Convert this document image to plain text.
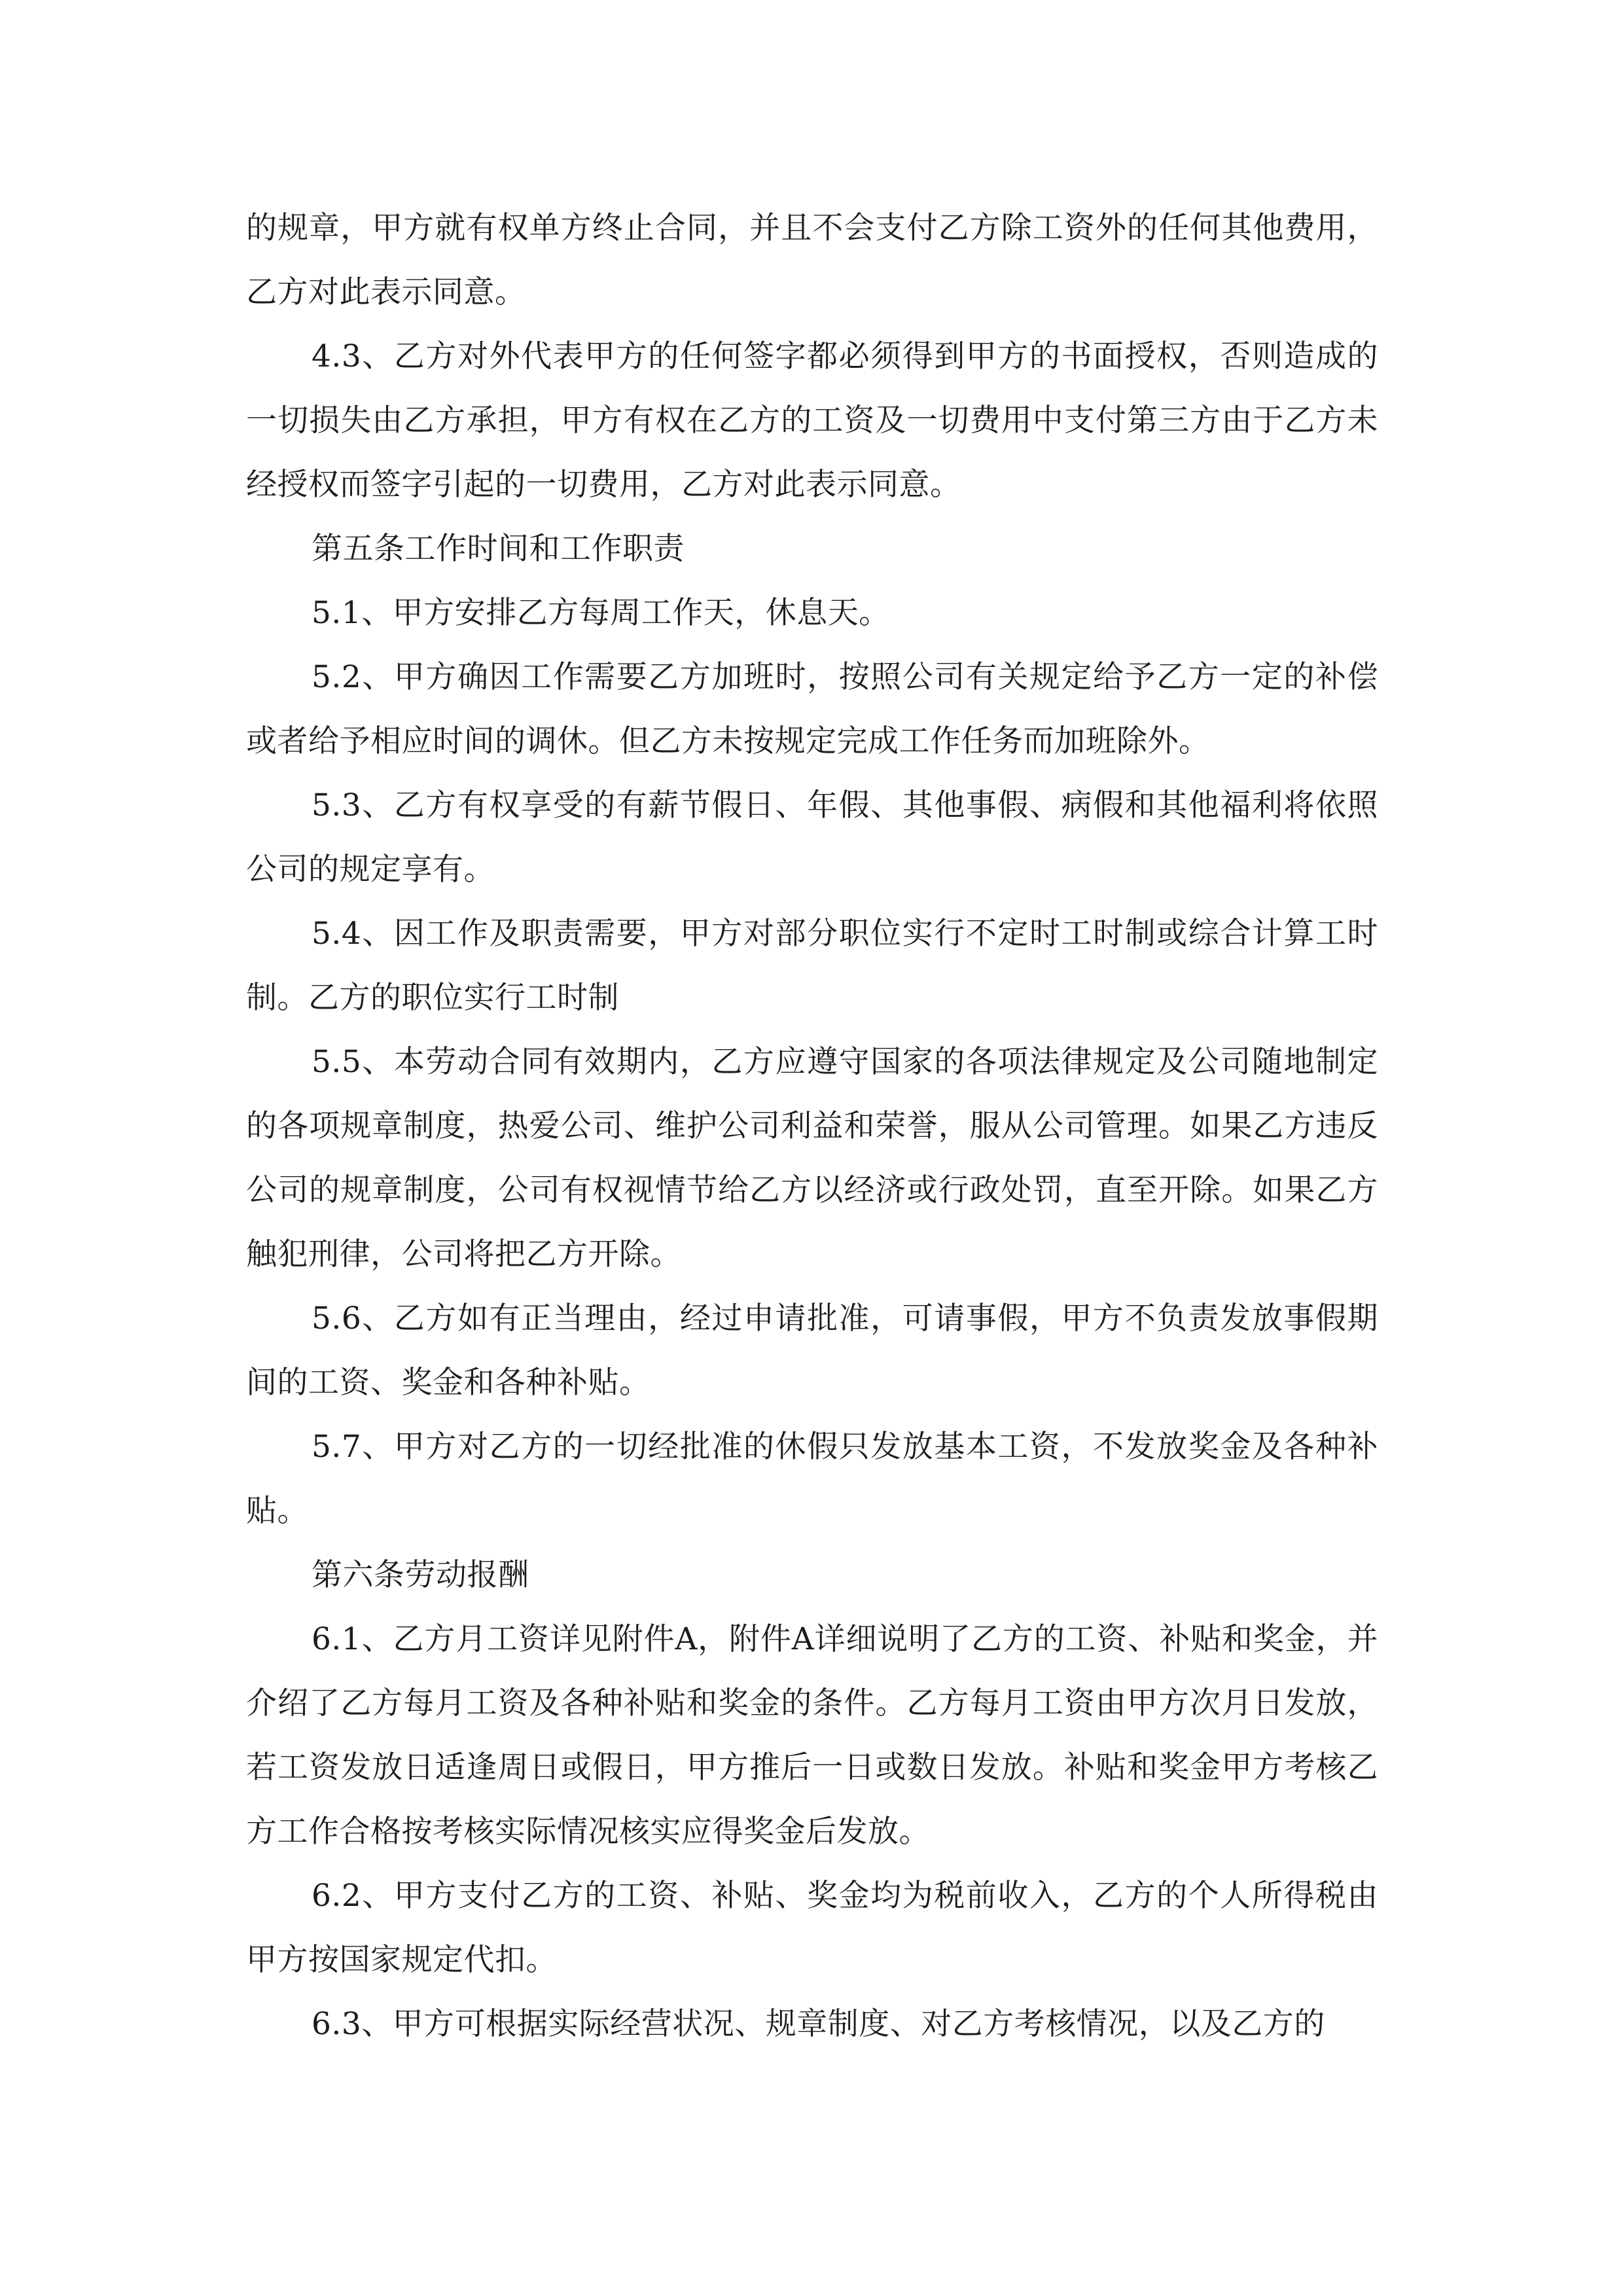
的规章，甲方就有权单方终止合同，并且不会支付乙方除工资外的任何其他费用，乙方对此表示同意。

4.3、乙方对外代表甲方的任何签字都必须得到甲方的书面授权，否则造成的一切损失由乙方承担，甲方有权在乙方的工资及一切费用中支付第三方由于乙方未经授权而签字引起的一切费用，乙方对此表示同意。

第五条工作时间和工作职责

5.1、甲方安排乙方每周工作天，休息天。

5.2、甲方确因工作需要乙方加班时，按照公司有关规定给予乙方一定的补偿或者给予相应时间的调休。但乙方未按规定完成工作任务而加班除外。

5.3、乙方有权享受的有薪节假日、年假、其他事假、病假和其他福利将依照公司的规定享有。

5.4、因工作及职责需要，甲方对部分职位实行不定时工时制或综合计算工时制。乙方的职位实行工时制

5.5、本劳动合同有效期内，乙方应遵守国家的各项法律规定及公司随地制定的各项规章制度，热爱公司、维护公司利益和荣誉，服从公司管理。如果乙方违反公司的规章制度，公司有权视情节给乙方以经济或行政处罚，直至开除。如果乙方触犯刑律，公司将把乙方开除。

5.6、乙方如有正当理由，经过申请批准，可请事假，甲方不负责发放事假期间的工资、奖金和各种补贴。

5.7、甲方对乙方的一切经批准的休假只发放基本工资，不发放奖金及各种补贴。

第六条劳动报酬

6.1、乙方月工资详见附件A，附件A详细说明了乙方的工资、补贴和奖金，并介绍了乙方每月工资及各种补贴和奖金的条件。乙方每月工资由甲方次月日发放，若工资发放日适逢周日或假日，甲方推后一日或数日发放。补贴和奖金甲方考核乙方工作合格按考核实际情况核实应得奖金后发放。

6.2、甲方支付乙方的工资、补贴、奖金均为税前收入，乙方的个人所得税由甲方按国家规定代扣。

6.3、甲方可根据实际经营状况、规章制度、对乙方考核情况，以及乙方的
